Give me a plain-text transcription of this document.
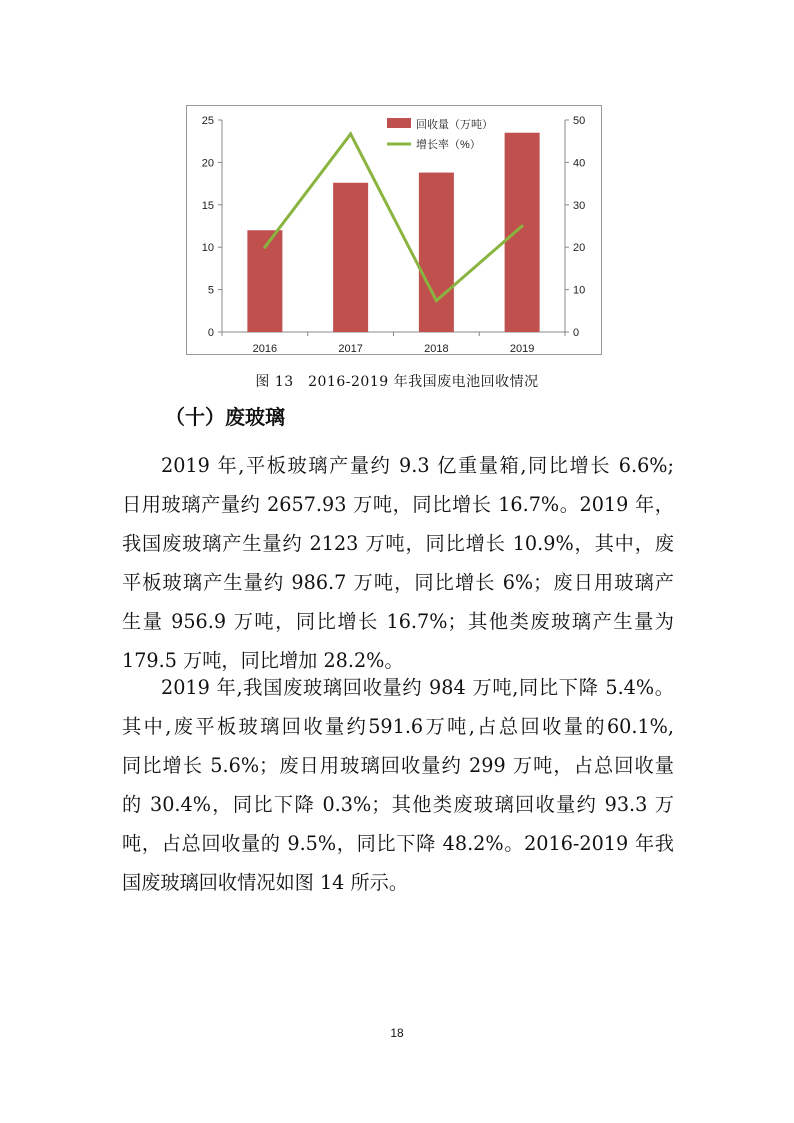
0
5
10
15
20
25
0
10
20
30
40
50
2016	2017	2018	2019
回收量（万吨）
增长率（%）
图 13　2016-2019 年我国废电池回收情况
（十）废玻璃

2019 年,平板玻璃产量约 9.3 亿重量箱,同比增长 6.6%;
日用玻璃产量约 2657.93 万吨，同比增长 16.7%。2019 年，
我国废玻璃产生量约 2123 万吨，同比增长 10.9%，其中，废
平板玻璃产生量约 986.7 万吨，同比增长 6%；废日用玻璃产
生量 956.9 万吨，同比增长 16.7%；其他类废玻璃产生量为
179.5 万吨，同比增加 28.2%。

2019 年,我国废玻璃回收量约 984 万吨,同比下降 5.4%。
其中,废平板玻璃回收量约591.6万吨,占总回收量的60.1%,
同比增长 5.6%；废日用玻璃回收量约 299 万吨，占总回收量
的 30.4%，同比下降 0.3%；其他类废玻璃回收量约 93.3 万
吨，占总回收量的 9.5%，同比下降 48.2%。2016-2019 年我
国废玻璃回收情况如图 14 所示。

18
